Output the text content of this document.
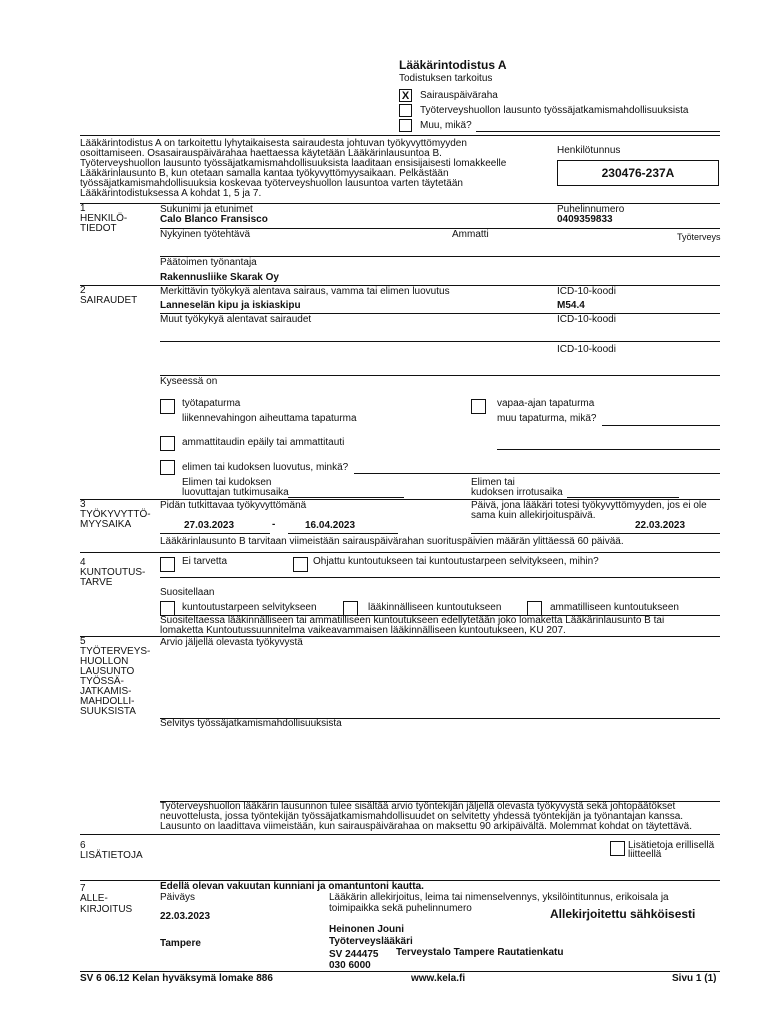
Lääkärintodistus A
Todistuksen tarkoitus
X Sairauspäiväraha
Työterveyshuollon lausunto työssäjatkamismahdollisuuksista
Muu, mikä?
Lääkärintodistus A on tarkoitettu lyhytaikaisesta sairaudesta johtuvan työkyvyttömyyden
osoittamiseen. Osasairauspäivärahaa haettaessa käytetään Lääkärinlausuntoa B.
Työterveyshuollon lausunto työssäjatkamismahdollisuuksista laaditaan ensisijaisesti lomakkeelle
Lääkärinlausunto B, kun otetaan samalla kantaa työkyvyttömyysaikaan. Pelkästään
työssäjatkamismahdollisuuksia koskevaa työterveyshuollon lausuntoa varten täytetään
Lääkärintodistuksessa A kohdat 1, 5 ja 7.
Henkilötunnus
230476-237A
1
HENKILÖ-
TIEDOT
Sukunimi ja etunimet
Calo Blanco Fransisco
Puhelinnumero
0409359833
Nykyinen työtehtävä	Ammatti	Työterveys
Päätoimen työnantaja
Rakennusliike Skarak Oy
2
SAIRAUDET
Merkittävin työkykyä alentava sairaus, vamma tai elimen luovutus
Lanneselän kipu ja iskiaskipu
ICD-10-koodi
M54.4
Muut työkykyä alentavat sairaudet	ICD-10-koodi
ICD-10-koodi
Kyseessä on
työtapaturma
liikennevahingon aiheuttama tapaturma
vapaa-ajan tapaturma
muu tapaturma, mikä?
ammattitaudin epäily tai ammattitauti
elimen tai kudoksen luovutus, minkä?
Elimen tai kudoksen
luovuttajan tutkimusaika
Elimen tai
kudoksen irrotusaika
3
TYÖKYVYTTÖ-
MYYSAIKA
Pidän tutkittavaa työkyvyttömänä
27.03.2023	-	16.04.2023
Päivä, jona lääkäri totesi työkyvyttömyyden, jos ei ole
sama kuin allekirjoituspäivä.
22.03.2023
Lääkärinlausunto B tarvitaan viimeistään sairauspäivärahan suorituspäivien määrän ylittäessä 60 päivää.
4
KUNTOUTUS-
TARVE
Ei tarvetta	Ohjattu kuntoutukseen tai kuntoutustarpeen selvitykseen, mihin?
Suositellaan
kuntoutustarpeen selvitykseen	lääkinnälliseen kuntoutukseen	ammatilliseen kuntoutukseen
Suositeltaessa lääkinnälliseen tai ammatilliseen kuntoutukseen edellytetään joko lomaketta Lääkärinlausunto B tai
lomaketta Kuntoutussuunnitelma vaikeavammaisen lääkinnälliseen kuntoutukseen, KU 207.
5
TYÖTERVEYS-
HUOLLON
LAUSUNTO
TYÖSSÄ-
JATKAMIS-
MAHDOLLI-
SUUKSISTA
Arvio jäljellä olevasta työkyvystä
Selvitys työssäjatkamismahdollisuuksista
Työterveyshuollon lääkärin lausunnon tulee sisältää arvio työntekijän jäljellä olevasta työkyvystä sekä johtopäätökset
neuvottelusta, jossa työntekijän työssäjatkamismahdollisuudet on selvitetty yhdessä työntekijän ja työnantajan kanssa.
Lausunto on laadittava viimeistään, kun sairauspäivärahaa on maksettu 90 arkipäivältä. Molemmat kohdat on täytettävä.
6
LISÄTIETOJA
Lisätietoja erillisellä
liitteellä
7
ALLE-
KIRJOITUS
Edellä olevan vakuutan kunniani ja omantuntoni kautta.
Päiväys
22.03.2023
Tampere
Lääkärin allekirjoitus, leima tai nimenselvennys, yksilöintitunnus, erikoisala ja
toimipaikka sekä puhelinnumero	Allekirjoitettu sähköisesti
Heinonen Jouni
Työterveyslääkäri
SV 244475 Terveystalo Tampere Rautatienkatu
030 6000
SV 6 06.12 Kelan hyväksymä lomake 886	www.kela.fi	Sivu 1 (1)
